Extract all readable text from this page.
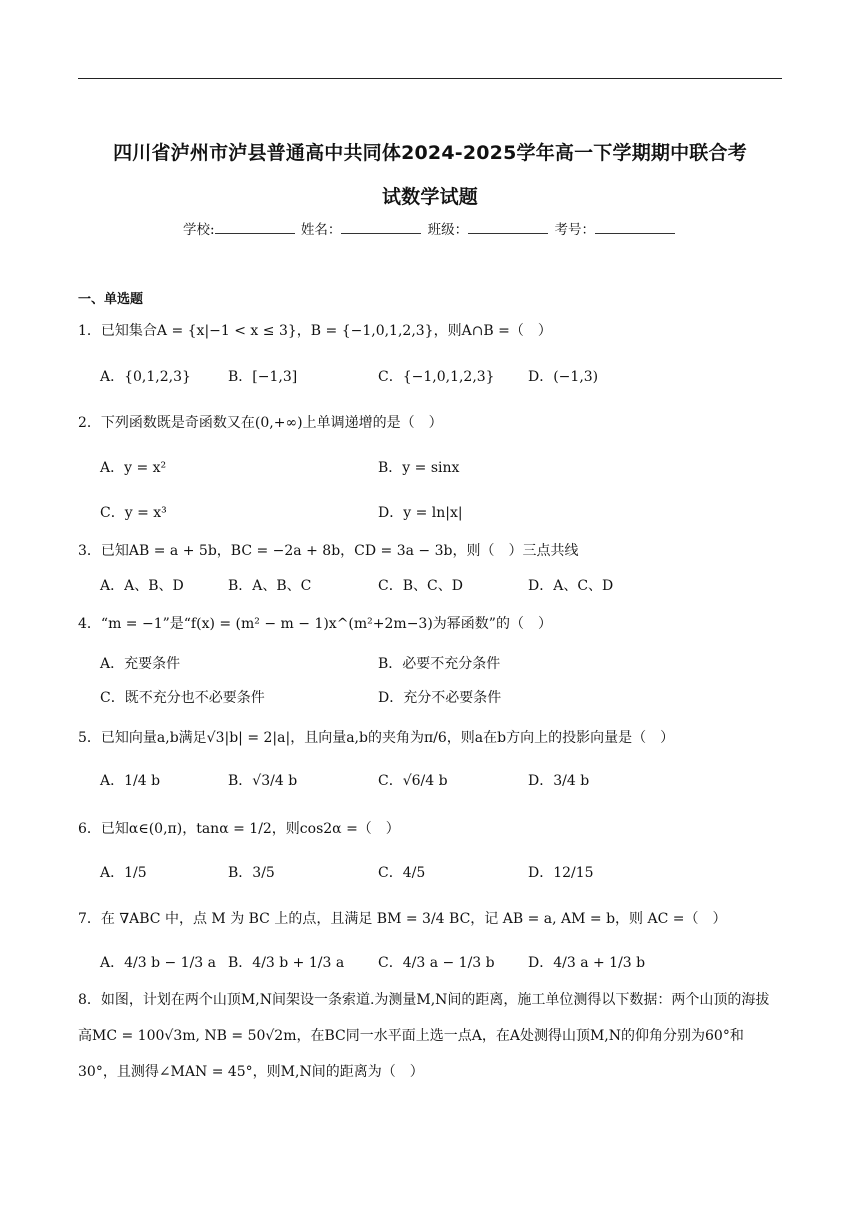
四川省泸州市泸县普通高中共同体2024-2025学年高一下学期期中联合考
试数学试题
学校:	姓名：	班级：	考号：
一、单选题
1．已知集合A = {x|−1 < x ≤ 3}，B = {−1,0,1,2,3}，则A∩B =（　）
A．{0,1,2,3}	B．[−1,3]	C．{−1,0,1,2,3} D．(−1,3)
2．下列函数既是奇函数又在(0,+∞)上单调递增的是（　）
A．y = x²	B．y = sinx
C．y = x³	D．y = ln|x|
3．已知AB = a + 5b，BC = −2a + 8b，CD = 3a − 3b，则（　）三点共线
A．A、B、D	B．A、B、C	C．B、C、D	D．A、C、D
4．“m = −1”是“f(x) = (m² − m − 1)x^(m²+2m−3)为幂函数”的（　）
A．充要条件	B．必要不充分条件
C．既不充分也不必要条件	D．充分不必要条件
5．已知向量a,b满足√3|b| = 2|a|，且向量a,b的夹角为π/6，则a在b方向上的投影向量是（　）
A．1/4 b	B．√3/4 b	C．√6/4 b	D．3/4 b
6．已知α∈(0,π)，tanα = 1/2，则cos2α =（　）
A．1/5	B．3/5	C．4/5	D．12/15
7．在 ∇ABC 中，点 M 为 BC 上的点，且满足 BM = 3/4 BC，记 AB = a, AM = b，则 AC =（　）
A．4/3 b − 1/3 a B．4/3 b + 1/3 a C．4/3 a − 1/3 b D．4/3 a + 1/3 b
8．如图，计划在两个山顶M,N间架设一条索道.为测量M,N间的距离，施工单位测得以下数据：两个山顶的海拔高MC = 100√3m, NB = 50√2m，在BC同一水平面上选一点A，在A处测得山顶M,N的仰角分别为60°和30°，且测得∠MAN = 45°，则M,N间的距离为（　）
